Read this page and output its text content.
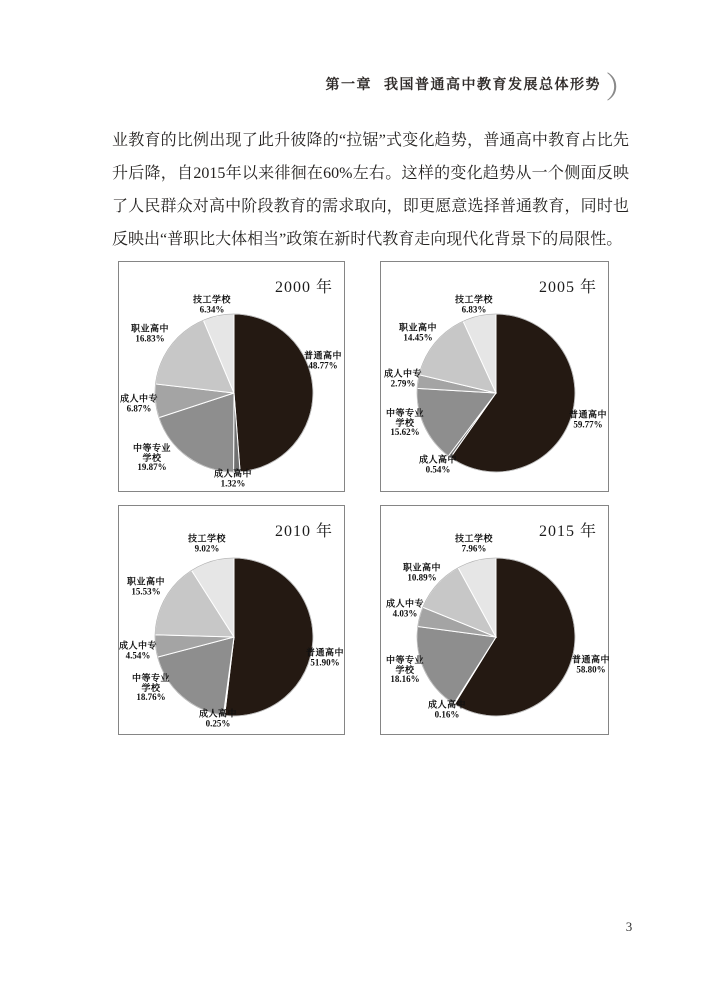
第一章 我国普通高中教育发展总体形势 ）
业教育的比例出现了此升彼降的“拉锯”式变化趋势，普通高中教育占比先升后降，自2015年以来徘徊在60%左右。这样的变化趋势从一个侧面反映了人民群众对高中阶段教育的需求取向，即更愿意选择普通教育，同时也反映出“普职比大体相当”政策在新时代教育走向现代化背景下的局限性。
2000 年
普通高中
48.77%
成人高中
1.32%
中等专业
学校
19.87%
成人中专
6.87%
职业高中
16.83%
技工学校
6.34%
2005 年
普通高中
59.77%
成人高中
0.54%
中等专业
学校
15.62%
成人中专
2.79%
职业高中
14.45%
技工学校
6.83%
2010 年
普通高中
51.90%
成人高中
0.25%
中等专业
学校
18.76%
成人中专
4.54%
职业高中
15.53%
技工学校
9.02%
2015 年
普通高中
58.80%
成人高中
0.16%
中等专业
学校
18.16%
成人中专
4.03%
职业高中
10.89%
技工学校
7.96%
3
